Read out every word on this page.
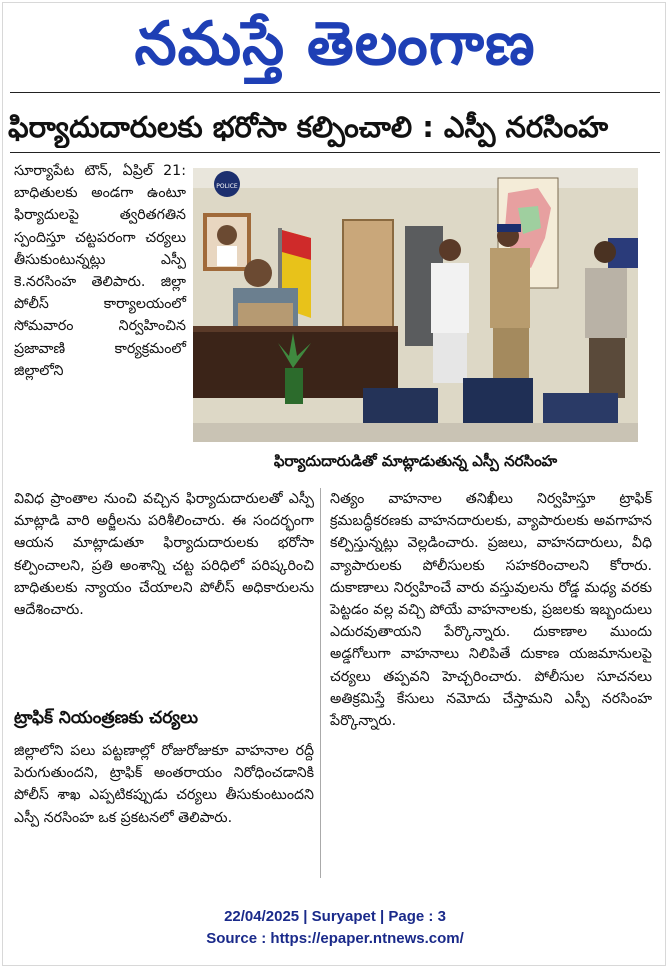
నమస్తే తెలంగాణ
ఫిర్యాదుదారులకు భరోసా కల్పించాలి : ఎస్పీ నరసింహ

సూర్యాపేట టౌన్, ఏప్రిల్ 21: బాధితులకు అండగా ఉంటూ ఫిర్యాదులపై త్వరితగతిన స్పందిస్తూ చట్టపరంగా చర్యలు తీసుకుంటున్నట్లు ఎస్పీ కె.నరసింహ తెలిపారు. జిల్లా పోలీస్ కార్యాలయంలో సోమవారం నిర్వహించిన ప్రజావాణి కార్యక్రమంలో జిల్లాలోని

POLICE
ఫిర్యాదుదారుడితో మాట్లాడుతున్న ఎస్పీ నరసింహ

వివిధ ప్రాంతాల నుంచి వచ్చిన ఫిర్యాదుదారులతో ఎస్పీ మాట్లాడి వారి అర్జీలను పరిశీలించారు. ఈ సందర్భంగా ఆయన మాట్లాడుతూ ఫిర్యాదుదారులకు భరోసా కల్పించాలని, ప్రతి అంశాన్ని చట్ట పరిధిలో పరిష్కరించి బాధితులకు న్యాయం చేయాలని పోలీస్ అధికారులను ఆదేశించారు.

ట్రాఫిక్ నియంత్రణకు చర్యలు

జిల్లాలోని పలు పట్టణాల్లో రోజురోజుకూ వాహనాల రద్దీ పెరుగుతుందని, ట్రాఫిక్ అంతరాయం నిరోధించడానికి పోలీస్ శాఖ ఎప్పటికప్పుడు చర్యలు తీసుకుంటుందని ఎస్పీ నరసింహ ఒక ప్రకటనలో తెలిపారు.

నిత్యం వాహనాల తనిఖీలు నిర్వహిస్తూ ట్రాఫిక్ క్రమబద్ధీకరణకు వాహనదారులకు, వ్యాపారులకు అవగాహన కల్పిస్తున్నట్లు వెల్లడించారు. ప్రజలు, వాహనదారులు, వీధి వ్యాపారులకు పోలీసులకు సహకరించాలని కోరారు. దుకాణాలు నిర్వహించే వారు వస్తువులను రోడ్డ మధ్య వరకు పెట్టడం వల్ల వచ్చి పోయే వాహనాలకు, ప్రజలకు ఇబ్బందులు ఎదురవుతాయని పేర్కొన్నారు. దుకాణాల ముందు అడ్డగోలుగా వాహనాలు నిలిపితే దుకాణ యజమానులపై చర్యలు తప్పవని హెచ్చరించారు. పోలీసుల సూచనలు అతిక్రమిస్తే కేసులు నమోదు చేస్తామని ఎస్పీ నరసింహ పేర్కొన్నారు.

22/04/2025 | Suryapet | Page : 3
Source : https://epaper.ntnews.com/
